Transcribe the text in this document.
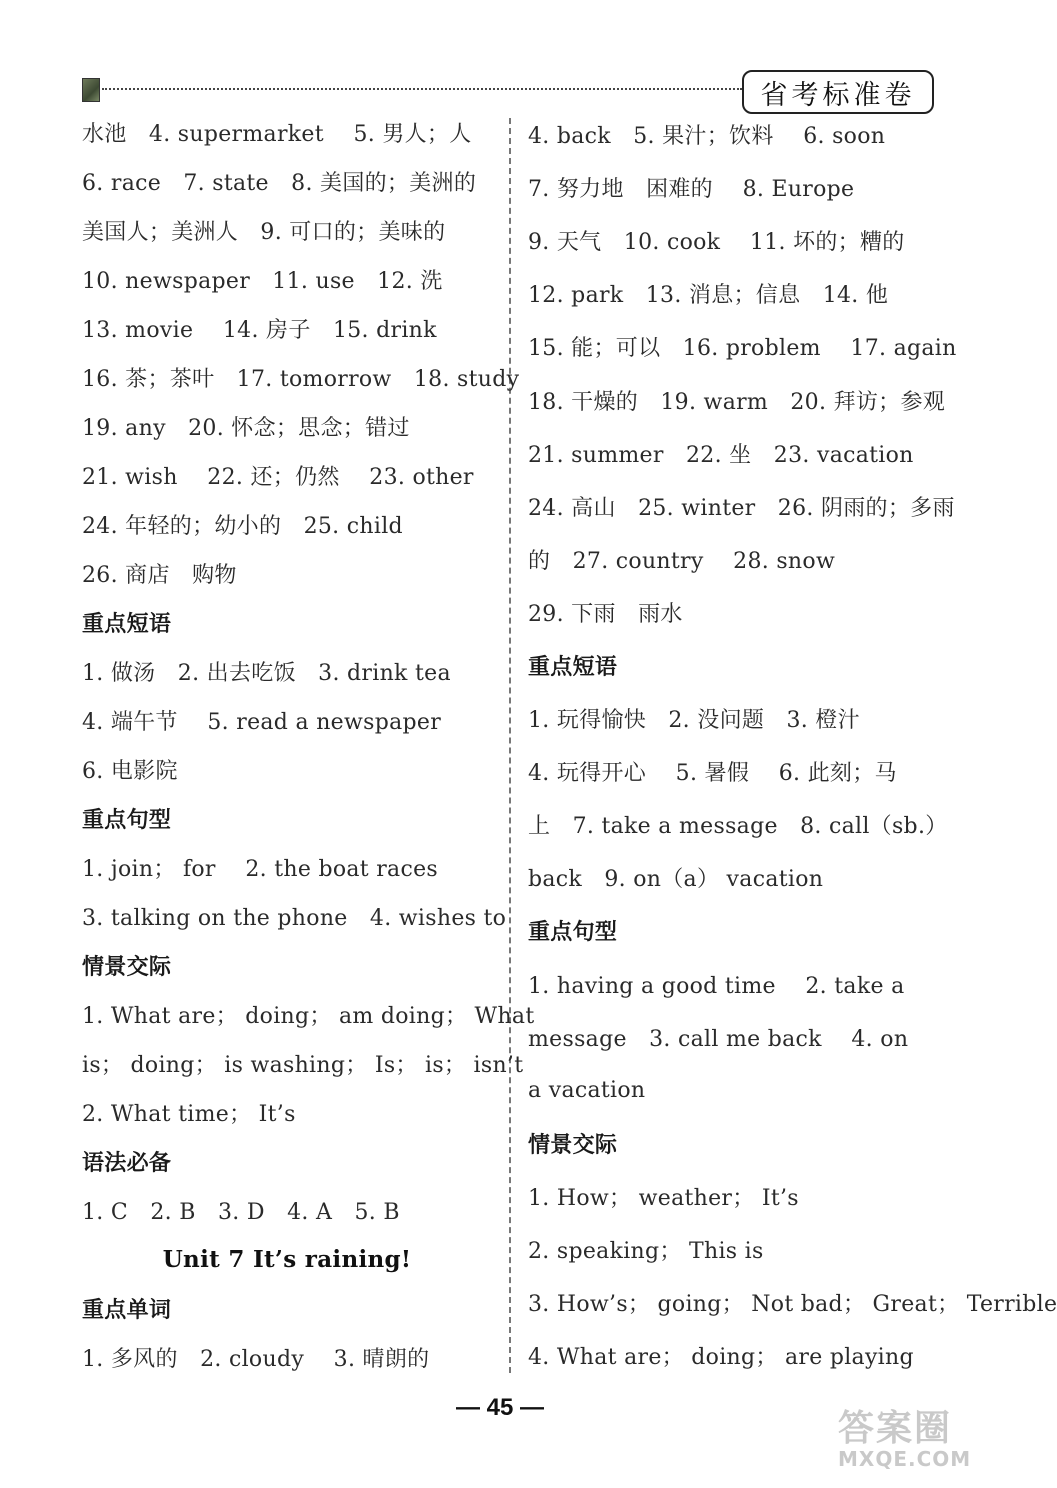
省考标准卷
水池　4. supermarket　 5. 男人；人
6. race　7. state　8. 美国的；美洲的
美国人；美洲人　9. 可口的；美味的
10. newspaper　11. use　12. 洗
13. movie　 14. 房子　15. drink
16. 茶；茶叶　17. tomorrow　18. study
19. any　20. 怀念；思念；错过
21. wish　 22. 还；仍然　 23. other
24. 年轻的；幼小的　25. child
26. 商店　购物
重点短语
1. 做汤　2. 出去吃饭　3. drink tea
4. 端午节　 5. read a newspaper
6. 电影院
重点句型
1. join； for　 2. the boat races
3. talking on the phone　4. wishes to
情景交际
1. What are； doing； am doing； What
is； doing； is washing； Is； is； isn’t
2. What time； It’s
语法必备
1. C　2. B　3. D　4. A　5. B
Unit 7 It’s raining!
重点单词
1. 多风的　2. cloudy　 3. 晴朗的
4. back　5. 果汁；饮料　 6. soon
7. 努力地　困难的　 8. Europe
9. 天气　10. cook　 11. 坏的；糟的
12. park　13. 消息；信息　14. 他
15. 能；可以　16. problem　 17. again
18. 干燥的　19. warm　20. 拜访；参观
21. summer　22. 坐　23. vacation
24. 高山　25. winter　26. 阴雨的；多雨
的　27. country　 28. snow
29. 下雨　雨水
重点短语
1. 玩得愉快　2. 没问题　3. 橙汁
4. 玩得开心　 5. 暑假　 6. 此刻；马
上　7. take a message　8. call（sb.）
back　9. on（a） vacation
重点句型
1. having a good time　 2. take a
message　3. call me back　 4. on
a vacation
情景交际
1. How； weather； It’s
2. speaking； This is
3. How’s； going； Not bad； Great； Terrible
4. What are； doing； are playing
— 45 —
答案圈
MXQE.COM
